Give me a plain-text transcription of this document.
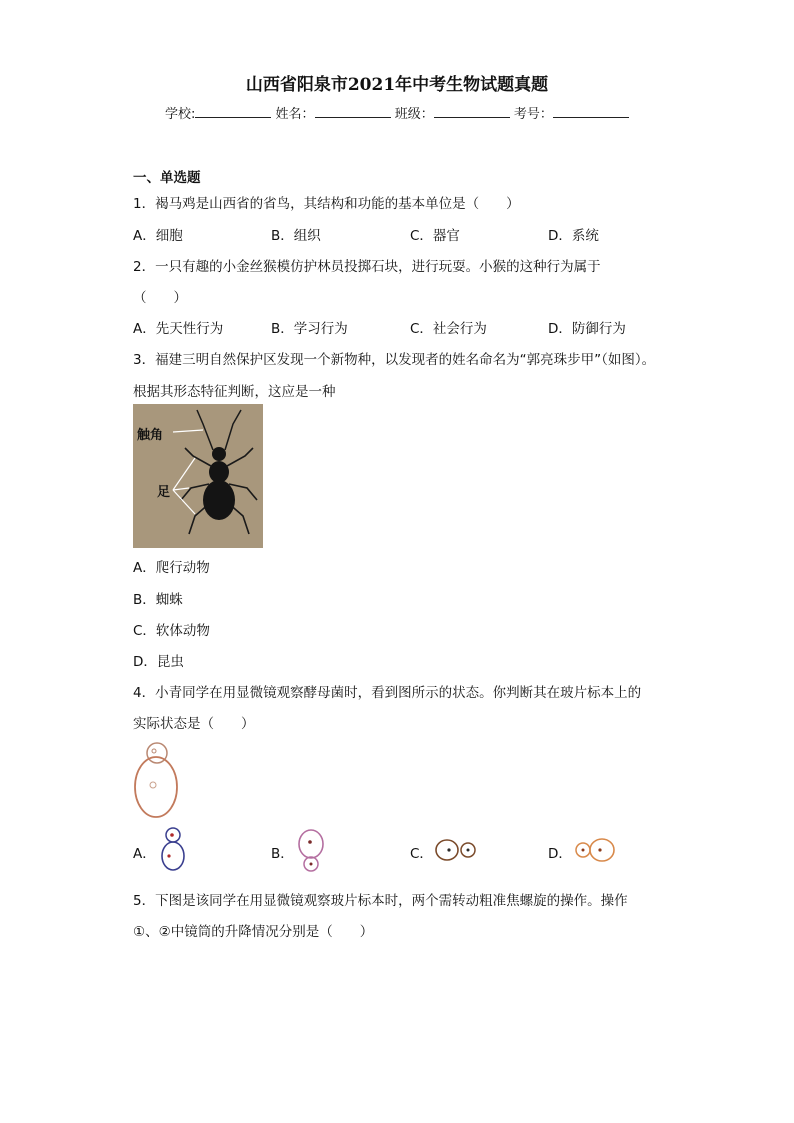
山西省阳泉市2021年中考生物试题真题
学校:	姓名：	班级：	考号：
一、单选题
1．褐马鸡是山西省的省鸟，其结构和功能的基本单位是（　　）
A．细胞	B．组织	C．器官	D．系统
2．一只有趣的小金丝猴模仿护林员投掷石块，进行玩耍。小猴的这种行为属于
（　　）
A．先天性行为	B．学习行为	C．社会行为	D．防御行为
3．福建三明自然保护区发现一个新物种，以发现者的姓名命名为“郭亮珠步甲”（如图）。
根据其形态特征判断，这应是一种
触角
足
A．爬行动物
B．蜘蛛
C．软体动物
D．昆虫
4．小青同学在用显微镜观察酵母菌时，看到图所示的状态。你判断其在玻片标本上的
实际状态是（　　）
A．	B．	C．	D．
5．下图是该同学在用显微镜观察玻片标本时，两个需转动粗准焦螺旋的操作。操作
①、②中镜筒的升降情况分别是（　　）
